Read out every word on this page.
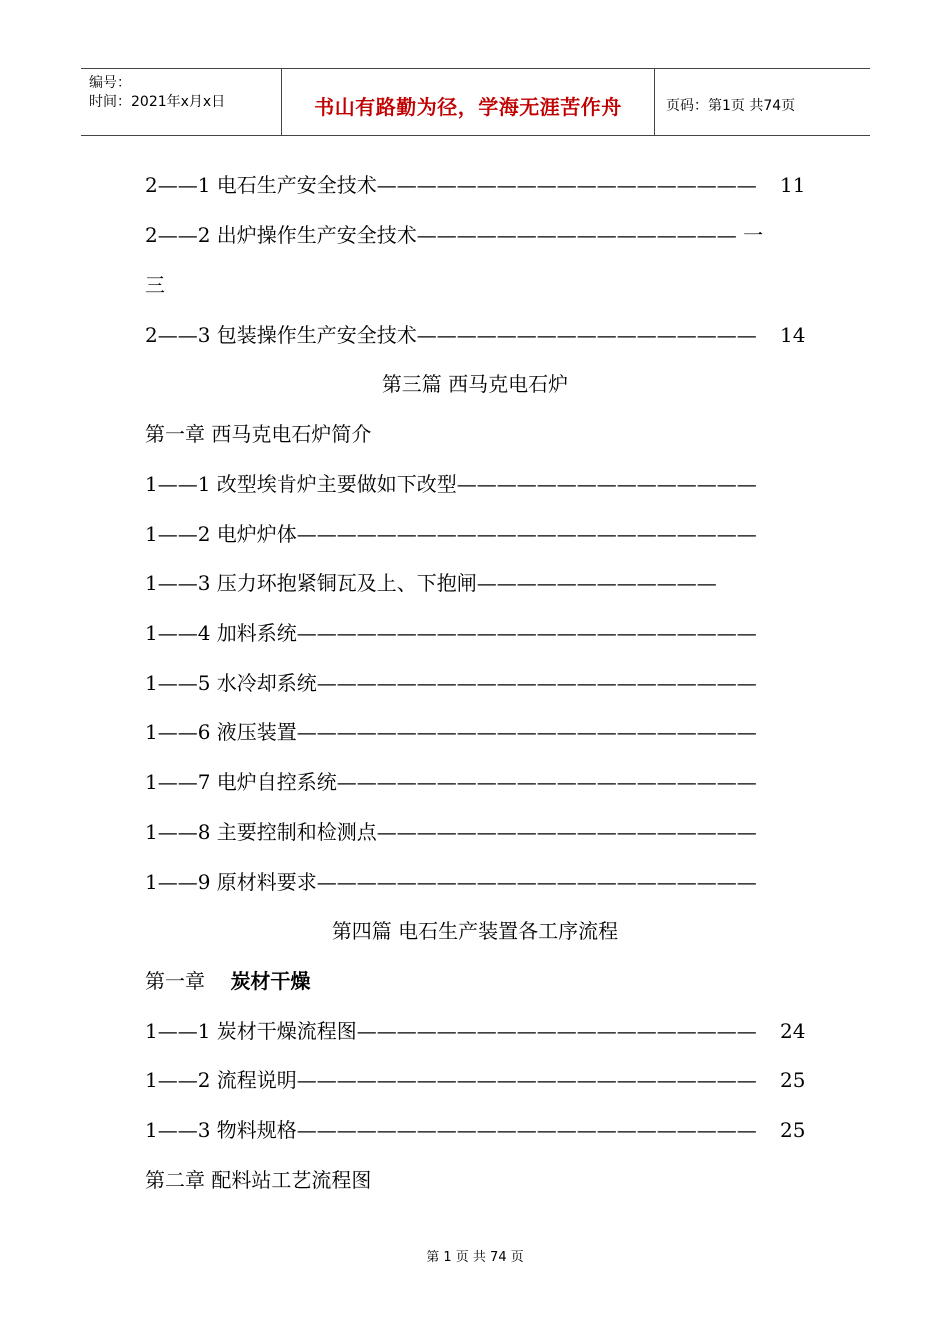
编号：
时间：2021年x月x日	书山有路勤为径，学海无涯苦作舟	页码：第1页 共74页
2——1 电石生产安全技术——————————————————— 11
2——2 出炉操作生产安全技术———————————————— 一
三
2——3 包装操作生产安全技术————————————————— 14
第三篇 西马克电石炉
第一章 西马克电石炉简介
1——1 改型埃肯炉主要做如下改型———————————————
1——2 电炉炉体———————————————————————
1——3 压力环抱紧铜瓦及上、下抱闸————————————
1——4 加料系统———————————————————————
1——5 水冷却系统——————————————————————
1——6 液压装置———————————————————————
1——7 电炉自控系统—————————————————————
1——8 主要控制和检测点———————————————————
1——9 原材料要求——————————————————————
第四篇 电石生产装置各工序流程
第一章    炭材干燥
1——1 炭材干燥流程图———————————————————— 24
1——2 流程说明——————————————————————— 25
1——3 物料规格——————————————————————— 25
第二章 配料站工艺流程图
第 1 页 共 74 页
